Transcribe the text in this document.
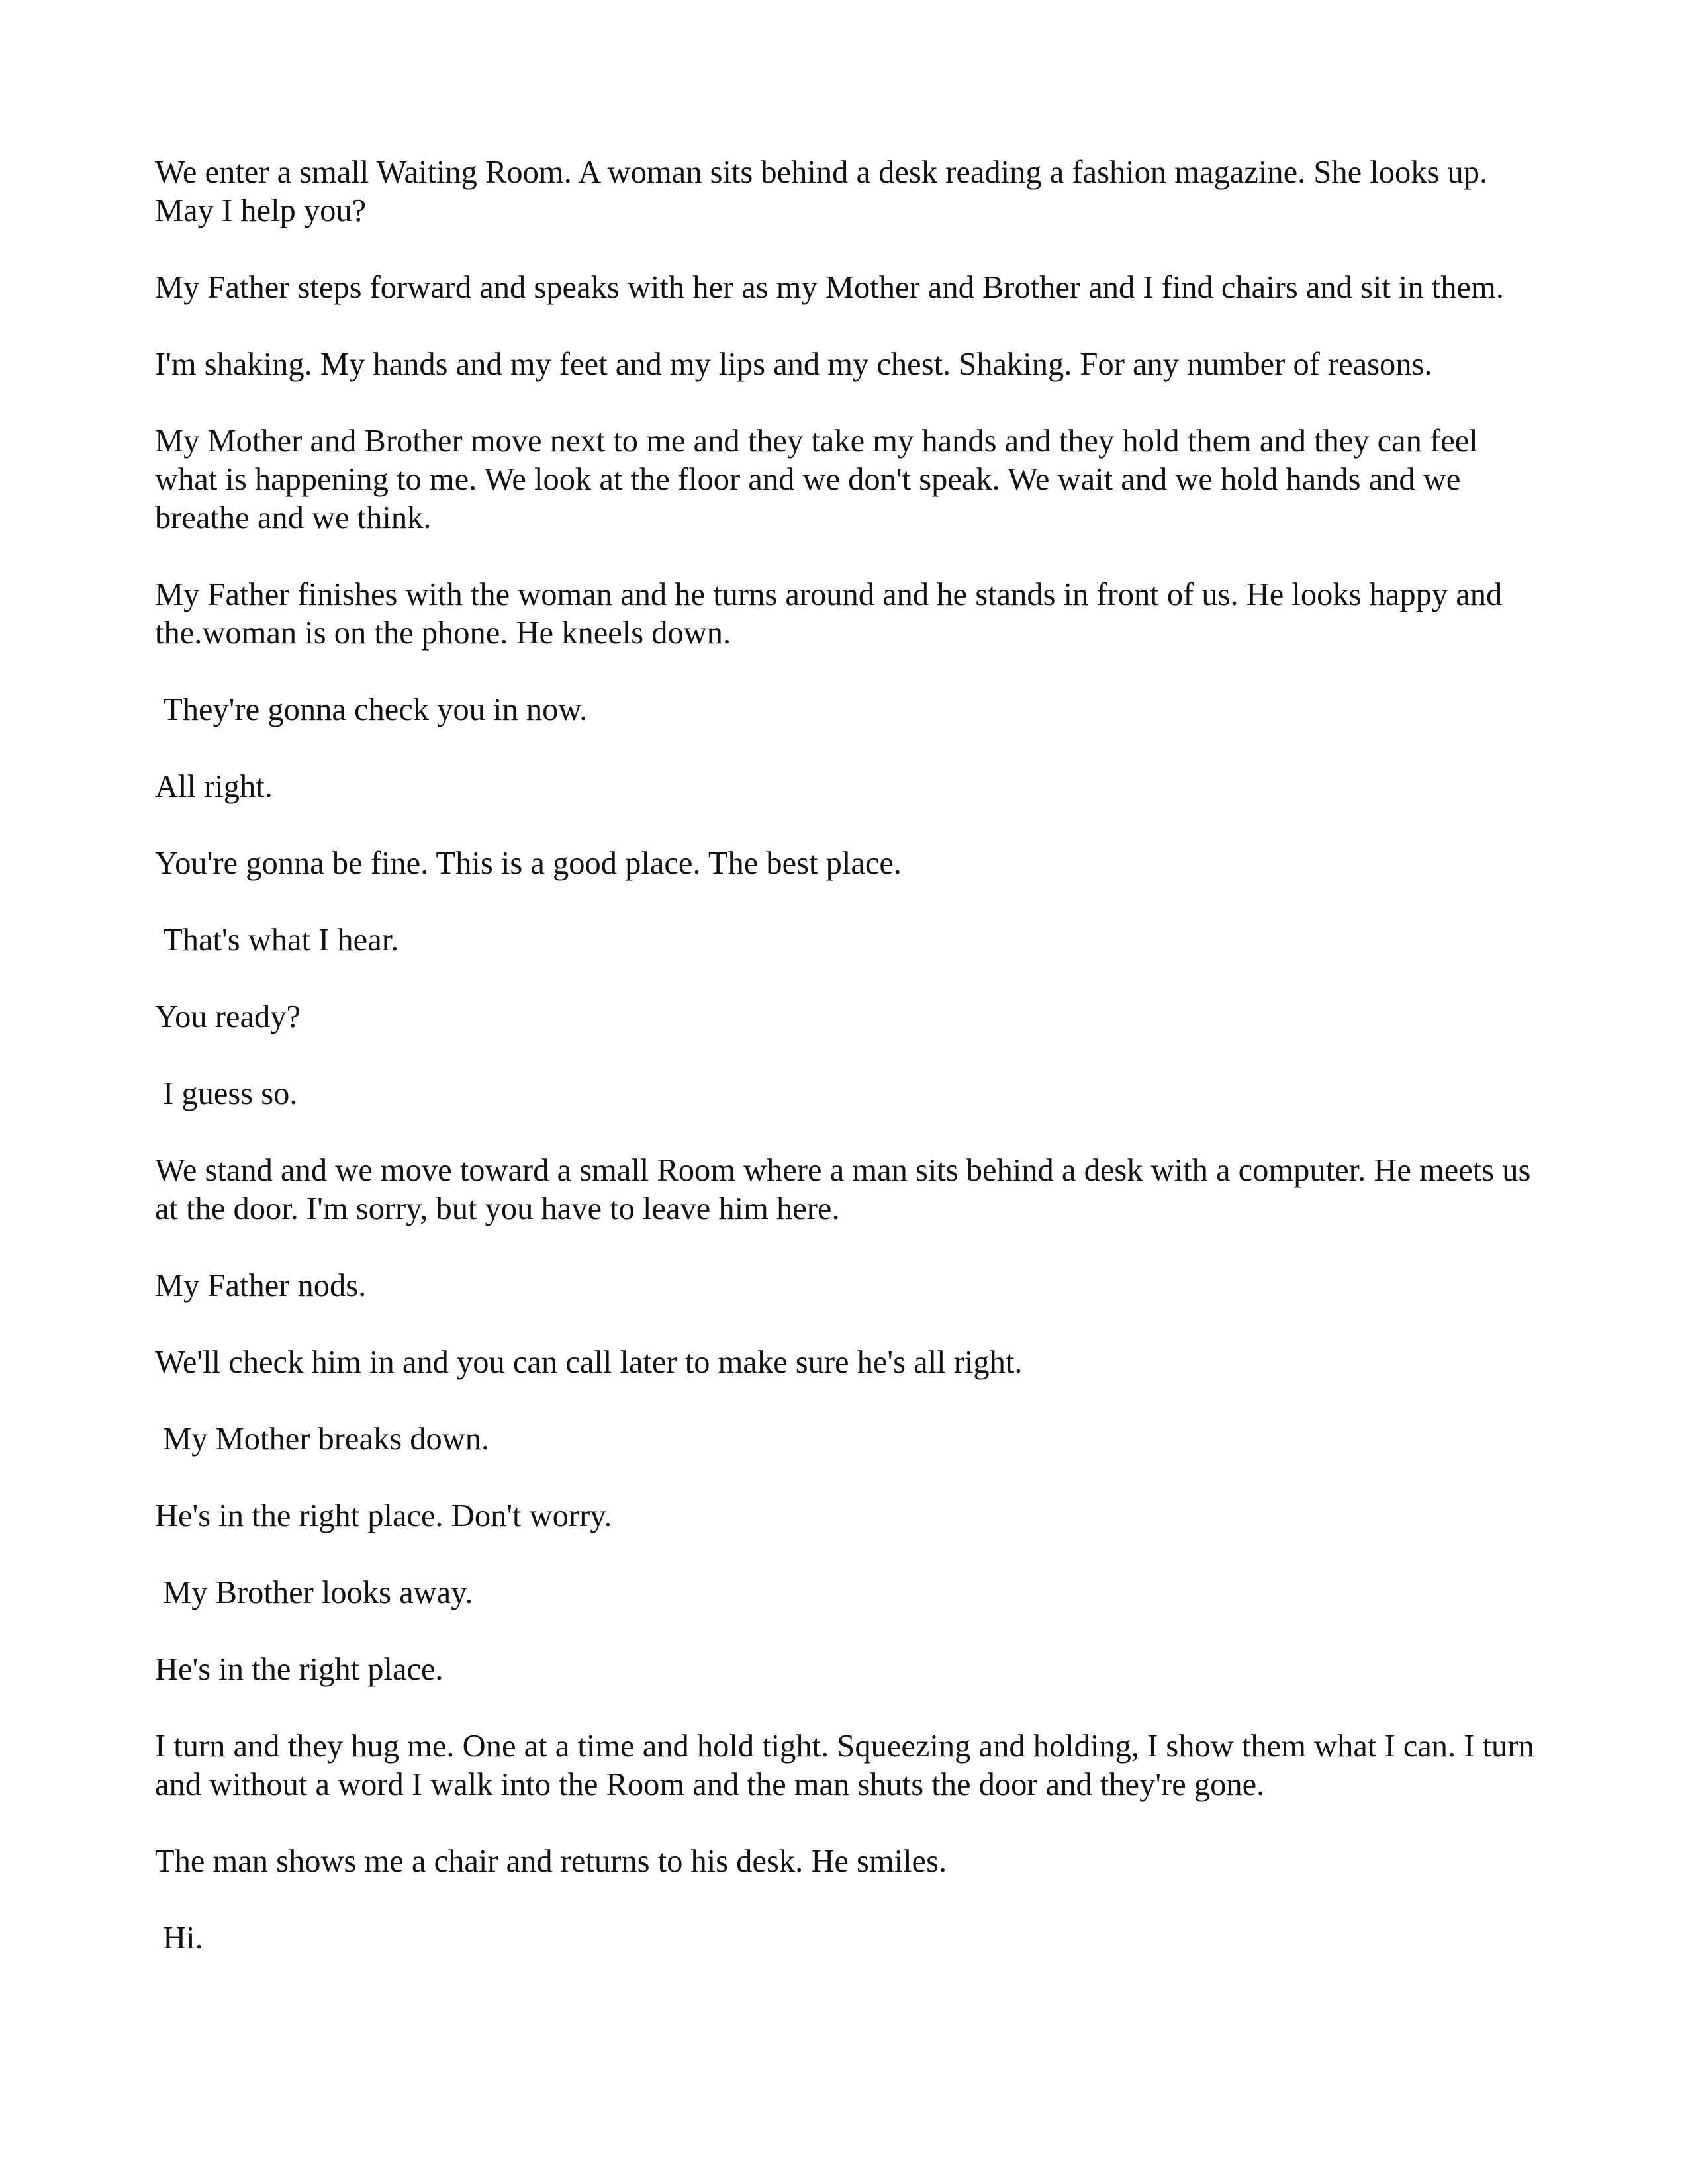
We enter a small Waiting Room. A woman sits behind a desk reading a fashion magazine. She looks up. May I help you?

My Father steps forward and speaks with her as my Mother and Brother and I find chairs and sit in them.

I'm shaking. My hands and my feet and my lips and my chest. Shaking. For any number of reasons.

My Mother and Brother move next to me and they take my hands and they hold them and they can feel what is happening to me. We look at the floor and we don't speak. We wait and we hold hands and we breathe and we think.

My Father finishes with the woman and he turns around and he stands in front of us. He looks happy and the.woman is on the phone. He kneels down.

They're gonna check you in now.

All right.

You're gonna be fine. This is a good place. The best place.

That's what I hear.

You ready?

I guess so.

We stand and we move toward a small Room where a man sits behind a desk with a computer. He meets us at the door. I'm sorry, but you have to leave him here.

My Father nods.

We'll check him in and you can call later to make sure he's all right.

My Mother breaks down.

He's in the right place. Don't worry.

My Brother looks away.

He's in the right place.

I turn and they hug me. One at a time and hold tight. Squeezing and holding, I show them what I can. I turn and without a word I walk into the Room and the man shuts the door and they're gone.

The man shows me a chair and returns to his desk. He smiles.

Hi.
